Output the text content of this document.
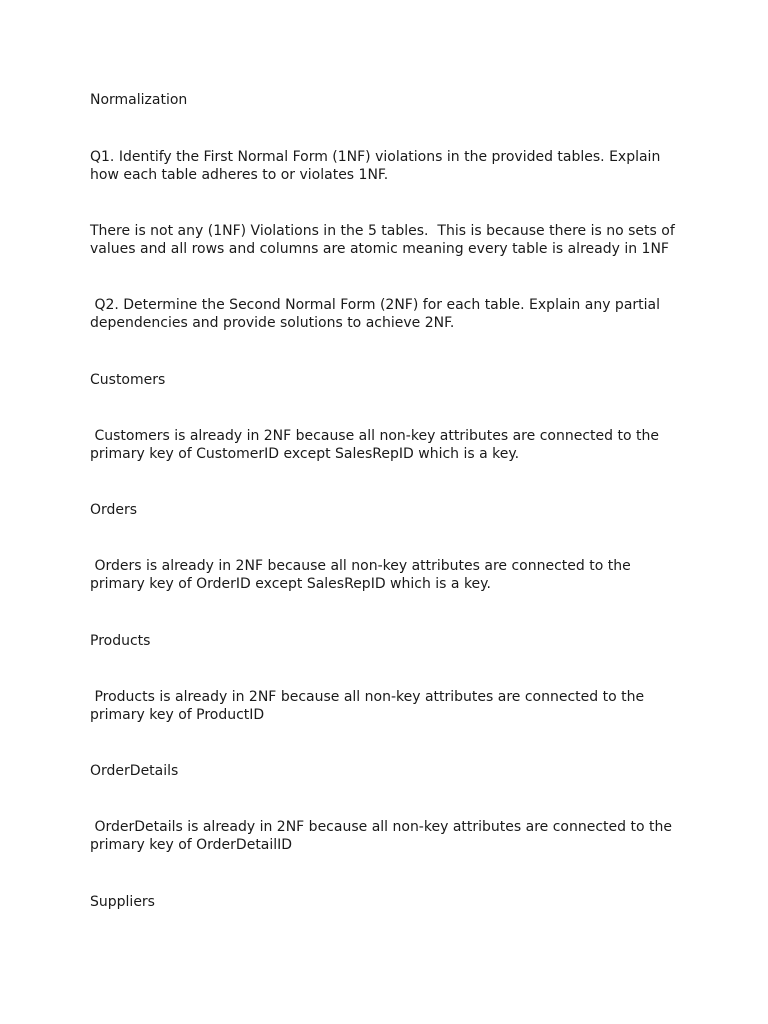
Normalization

Q1. Identify the First Normal Form (1NF) violations in the provided tables. Explain how each table adheres to or violates 1NF.

There is not any (1NF) Violations in the 5 tables.  This is because there is no sets of values and all rows and columns are atomic meaning every table is already in 1NF

Q2. Determine the Second Normal Form (2NF) for each table. Explain any partial dependencies and provide solutions to achieve 2NF.

Customers

Customers is already in 2NF because all non-key attributes are connected to the primary key of CustomerID except SalesRepID which is a key.

Orders

Orders is already in 2NF because all non-key attributes are connected to the primary key of OrderID except SalesRepID which is a key.

Products

Products is already in 2NF because all non-key attributes are connected to the primary key of ProductID

OrderDetails

OrderDetails is already in 2NF because all non-key attributes are connected to the primary key of OrderDetailID

Suppliers
